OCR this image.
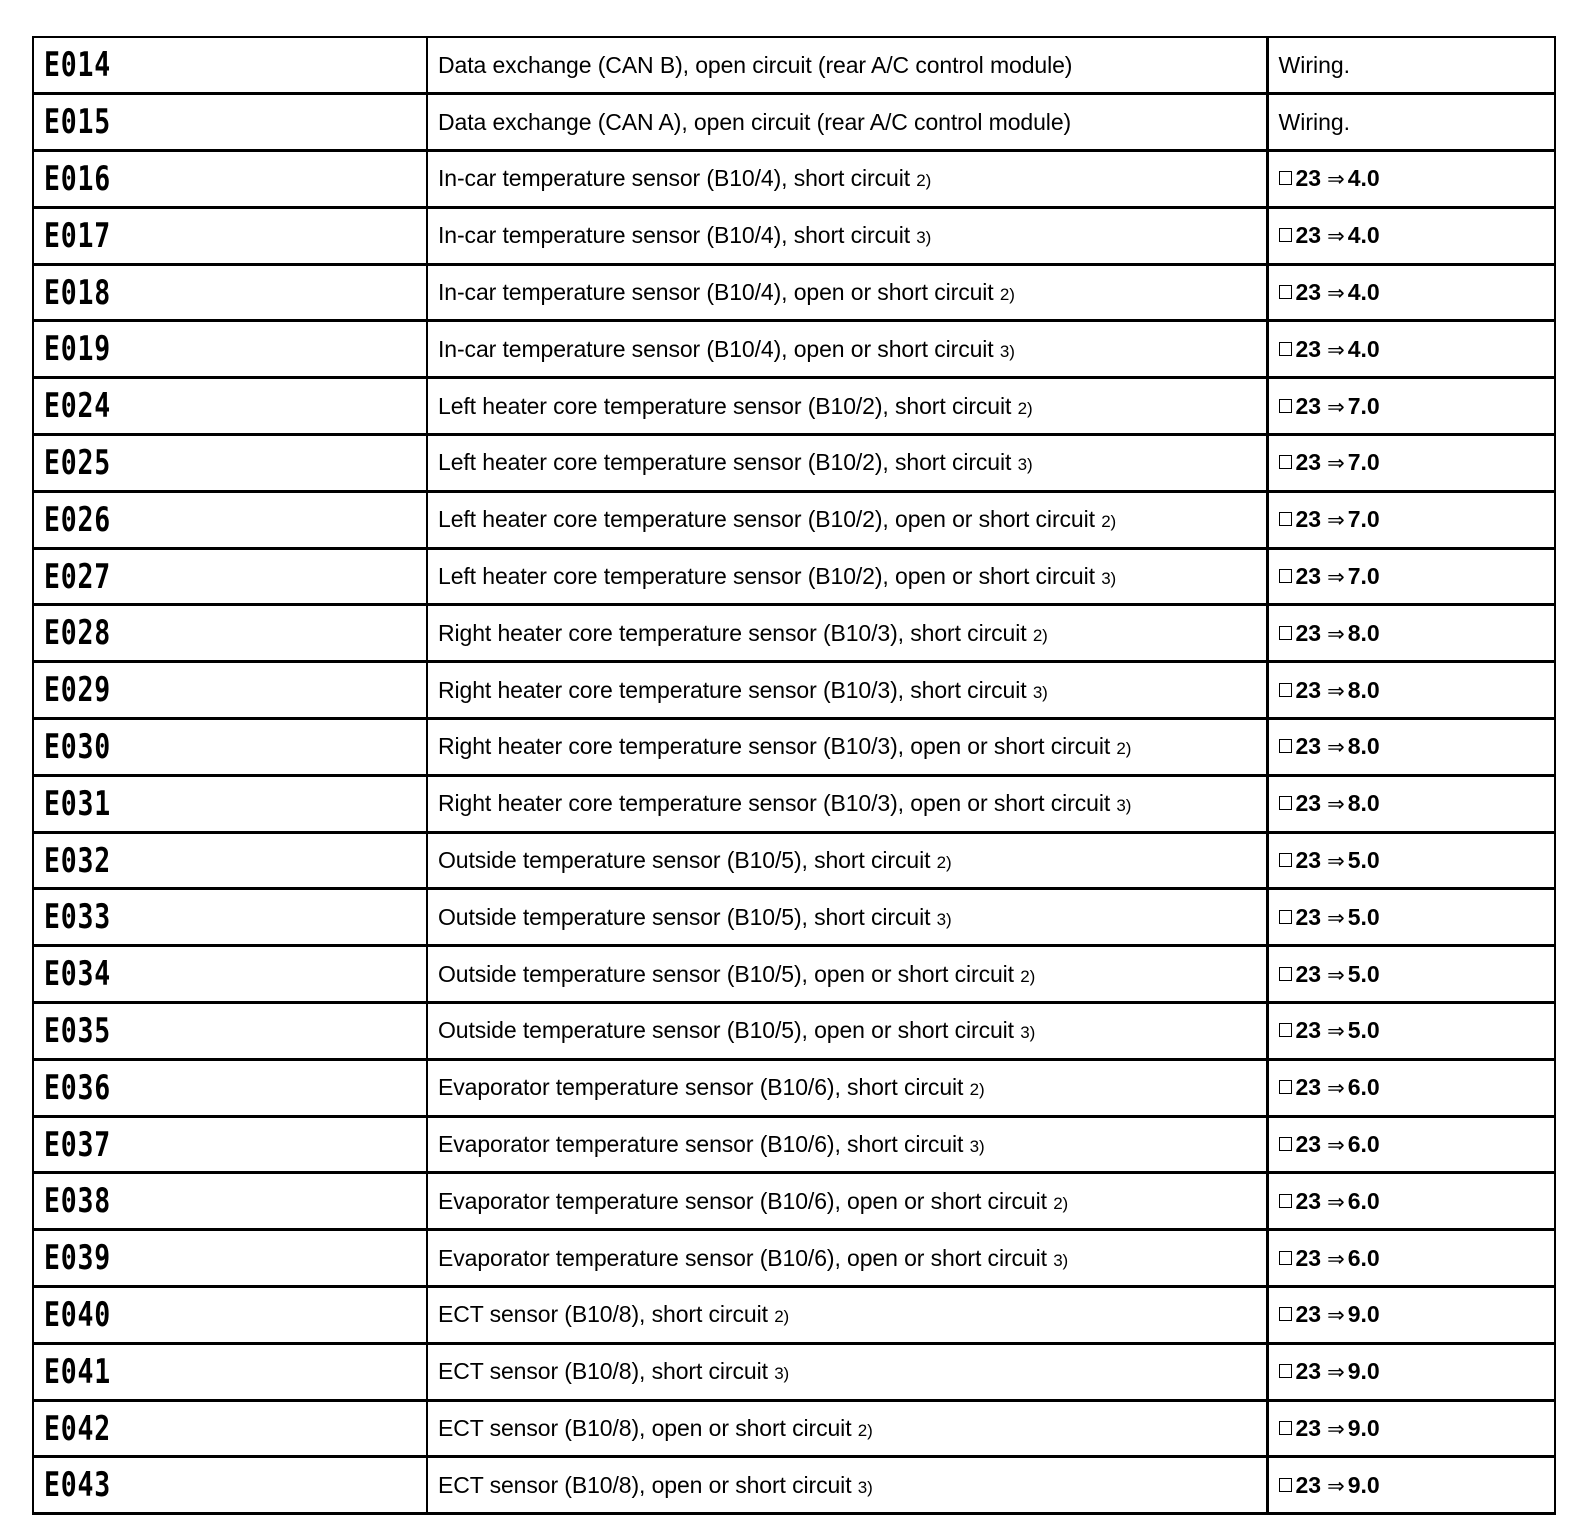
E014	Data exchange (CAN B), open circuit (rear A/C control module)	Wiring.
E015	Data exchange (CAN A), open circuit (rear A/C control module)	Wiring.
E016	In-car temperature sensor (B10/4), short circuit 2)	23 ⇒ 4.0
E017	In-car temperature sensor (B10/4), short circuit 3)	23 ⇒ 4.0
E018	In-car temperature sensor (B10/4), open or short circuit 2)	23 ⇒ 4.0
E019	In-car temperature sensor (B10/4), open or short circuit 3)	23 ⇒ 4.0
E024	Left heater core temperature sensor (B10/2), short circuit 2)	23 ⇒ 7.0
E025	Left heater core temperature sensor (B10/2), short circuit 3)	23 ⇒ 7.0
E026	Left heater core temperature sensor (B10/2), open or short circuit 2)	23 ⇒ 7.0
E027	Left heater core temperature sensor (B10/2), open or short circuit 3)	23 ⇒ 7.0
E028	Right heater core temperature sensor (B10/3), short circuit 2)	23 ⇒ 8.0
E029	Right heater core temperature sensor (B10/3), short circuit 3)	23 ⇒ 8.0
E030	Right heater core temperature sensor (B10/3), open or short circuit 2)	23 ⇒ 8.0
E031	Right heater core temperature sensor (B10/3), open or short circuit 3)	23 ⇒ 8.0
E032	Outside temperature sensor (B10/5), short circuit 2)	23 ⇒ 5.0
E033	Outside temperature sensor (B10/5), short circuit 3)	23 ⇒ 5.0
E034	Outside temperature sensor (B10/5), open or short circuit 2)	23 ⇒ 5.0
E035	Outside temperature sensor (B10/5), open or short circuit 3)	23 ⇒ 5.0
E036	Evaporator temperature sensor (B10/6), short circuit 2)	23 ⇒ 6.0
E037	Evaporator temperature sensor (B10/6), short circuit 3)	23 ⇒ 6.0
E038	Evaporator temperature sensor (B10/6), open or short circuit 2)	23 ⇒ 6.0
E039	Evaporator temperature sensor (B10/6), open or short circuit 3)	23 ⇒ 6.0
E040	ECT sensor (B10/8), short circuit 2)	23 ⇒ 9.0
E041	ECT sensor (B10/8), short circuit 3)	23 ⇒ 9.0
E042	ECT sensor (B10/8), open or short circuit 2)	23 ⇒ 9.0
E043	ECT sensor (B10/8), open or short circuit 3)	23 ⇒ 9.0
